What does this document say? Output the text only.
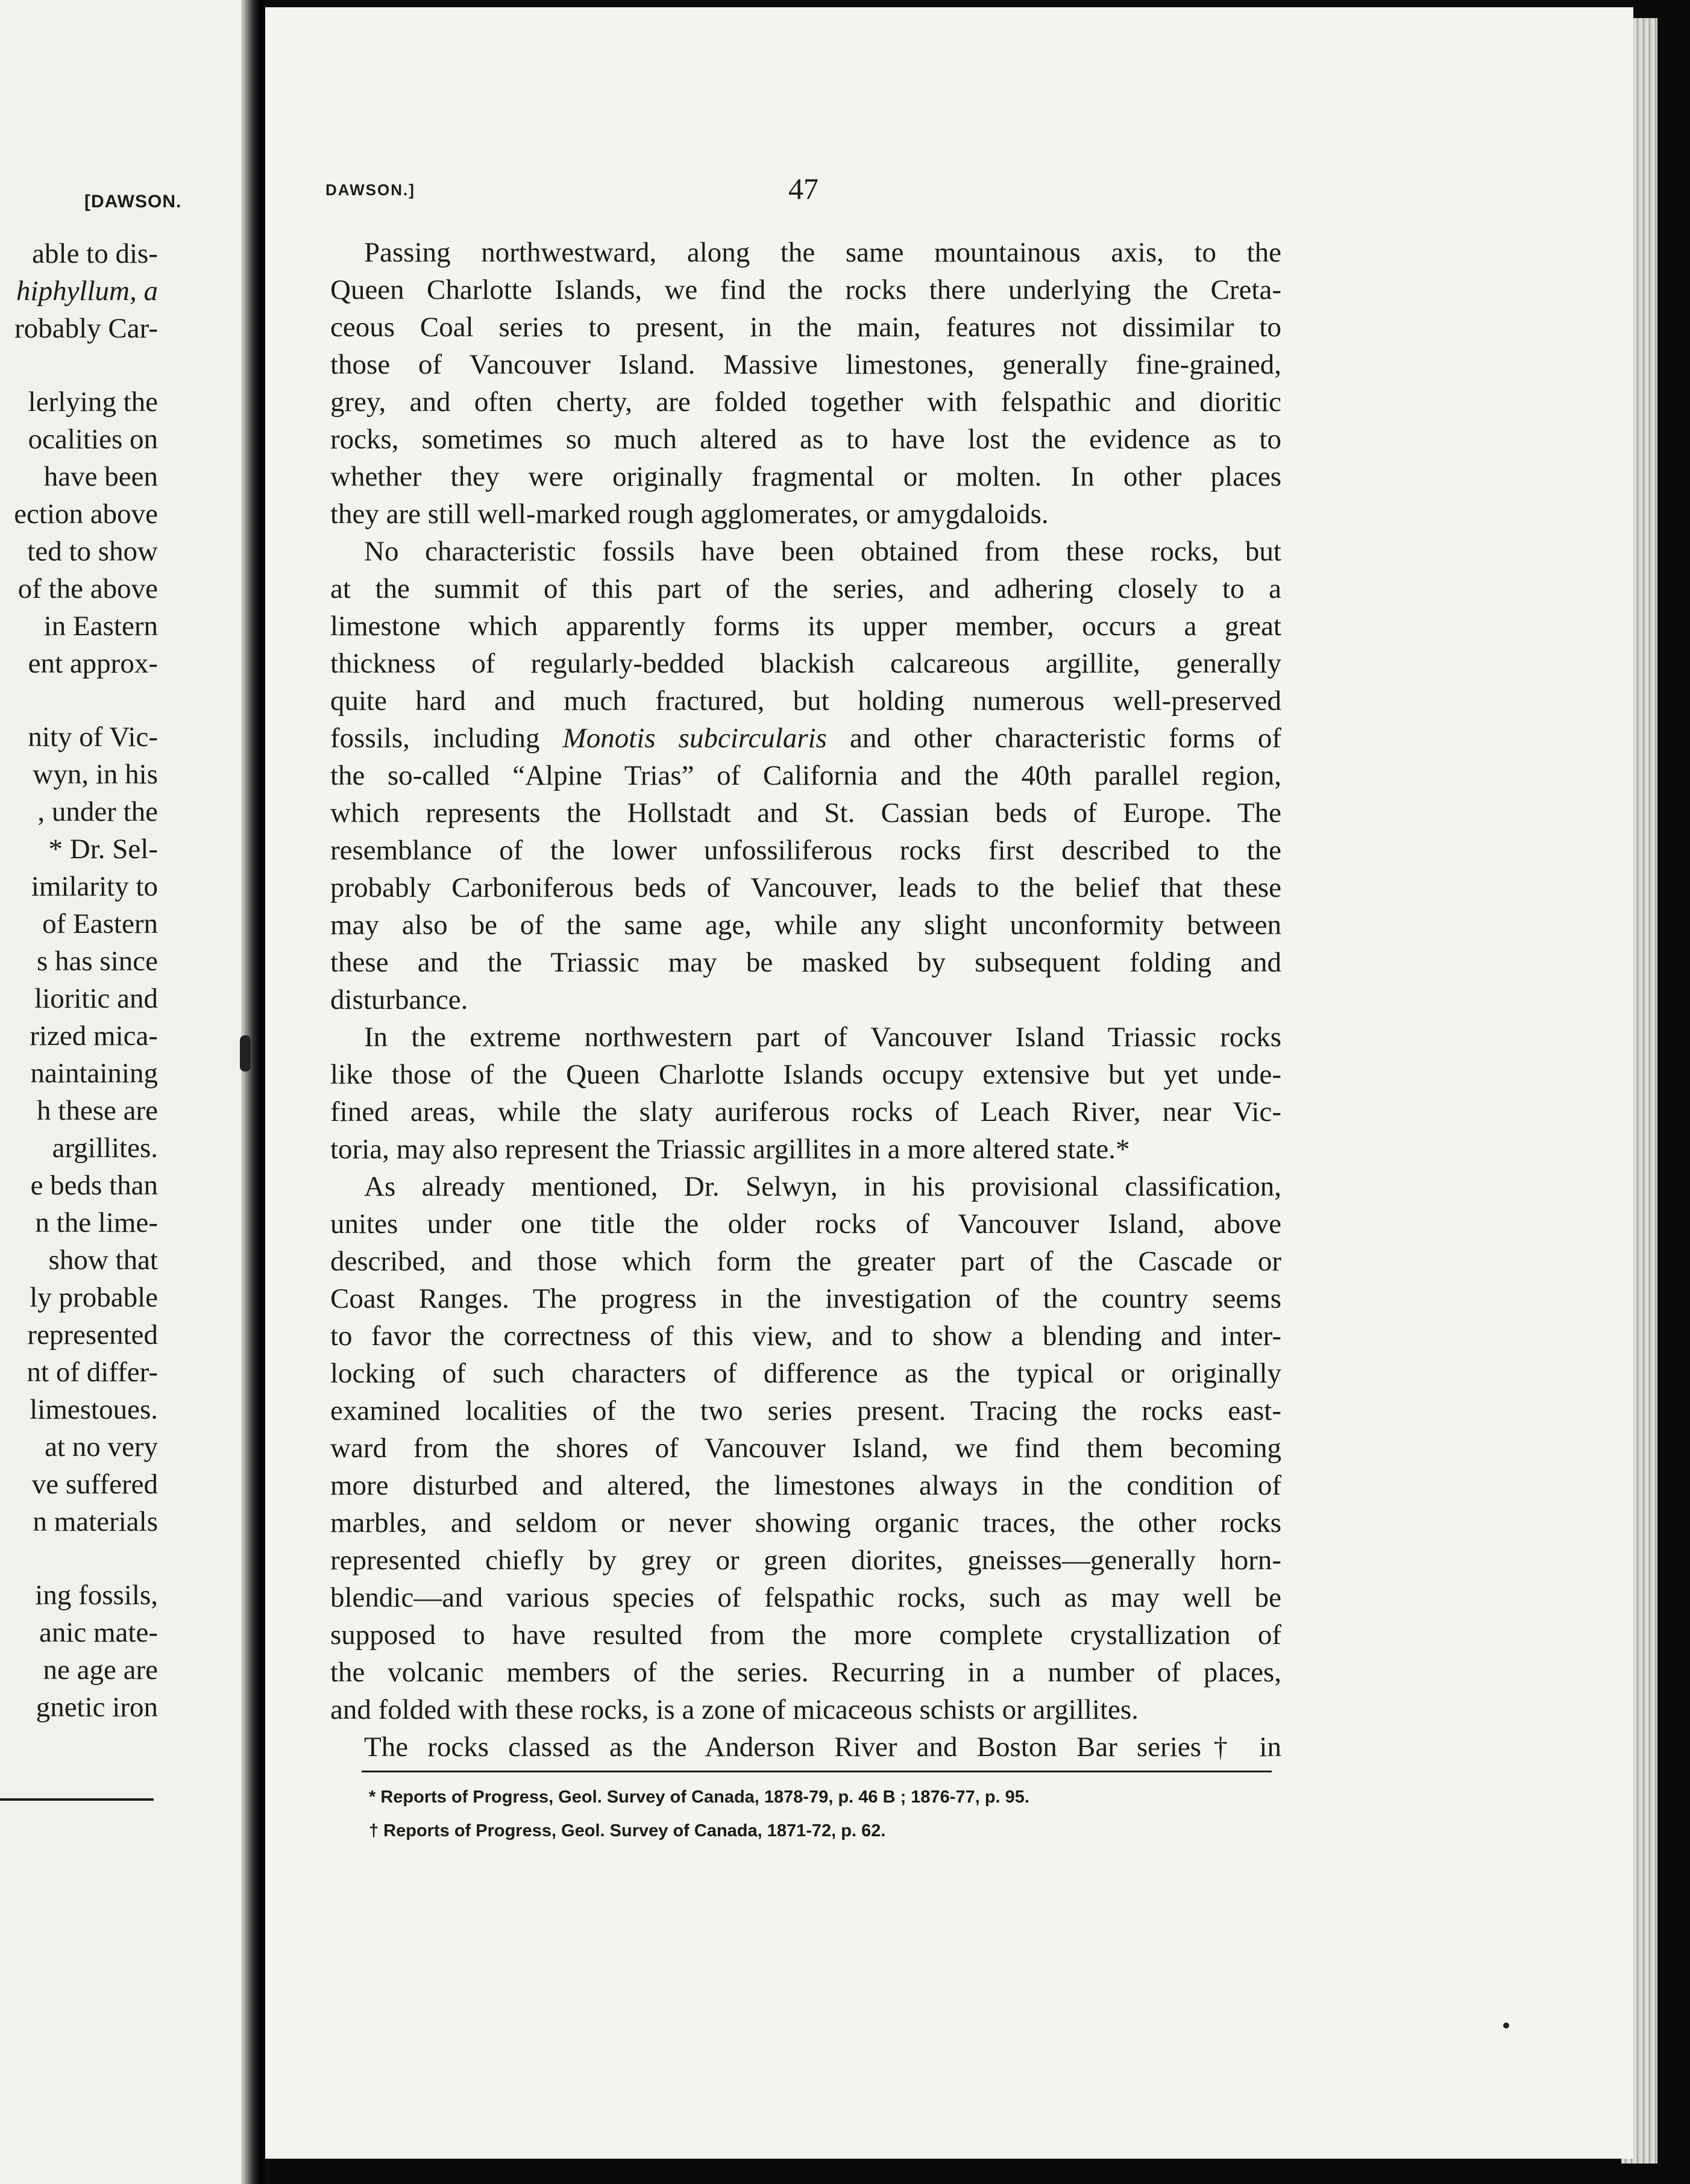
[DAWSON.
able to dis-
hiphyllum, a
robably Car-
lerlying the
ocalities on
have been
ection above
ted to show
of the above
in Eastern
ent approx-
nity of Vic-
wyn, in his
, under the
* Dr. Sel-
imilarity to
of Eastern
s has since
lioritic and
rized mica-
naintaining
h these are
argillites.
e beds than
n the lime-
show that
ly probable
represented
nt of differ-
limestoues.
at no very
ve suffered
n materials
ing fossils,
anic mate-
ne age are
gnetic iron
DAWSON.]	47
Passing northwestward, along the same mountainous axis, to the
Queen Charlotte Islands, we find the rocks there underlying the Creta-
ceous Coal series to present, in the main, features not dissimilar to
those of Vancouver Island. Massive limestones, generally fine-grained,
grey, and often cherty, are folded together with felspathic and dioritic
rocks, sometimes so much altered as to have lost the evidence as to
whether they were originally fragmental or molten. In other places
they are still well-marked rough agglomerates, or amygdaloids.
No characteristic fossils have been obtained from these rocks, but
at the summit of this part of the series, and adhering closely to a
limestone which apparently forms its upper member, occurs a great
thickness of regularly-bedded blackish calcareous argillite, generally
quite hard and much fractured, but holding numerous well-preserved
fossils, including Monotis subcircularis and other characteristic forms of
the so-called “Alpine Trias” of California and the 40th parallel region,
which represents the Hollstadt and St. Cassian beds of Europe. The
resemblance of the lower unfossiliferous rocks first described to the
probably Carboniferous beds of Vancouver, leads to the belief that these
may also be of the same age, while any slight unconformity between
these and the Triassic may be masked by subsequent folding and
disturbance.
In the extreme northwestern part of Vancouver Island Triassic rocks
like those of the Queen Charlotte Islands occupy extensive but yet unde-
fined areas, while the slaty auriferous rocks of Leach River, near Vic-
toria, may also represent the Triassic argillites in a more altered state.*
As already mentioned, Dr. Selwyn, in his provisional classification,
unites under one title the older rocks of Vancouver Island, above
described, and those which form the greater part of the Cascade or
Coast Ranges. The progress in the investigation of the country seems
to favor the correctness of this view, and to show a blending and inter-
locking of such characters of difference as the typical or originally
examined localities of the two series present. Tracing the rocks east-
ward from the shores of Vancouver Island, we find them becoming
more disturbed and altered, the limestones always in the condition of
marbles, and seldom or never showing organic traces, the other rocks
represented chiefly by grey or green diorites, gneisses—generally horn-
blendic—and various species of felspathic rocks, such as may well be
supposed to have resulted from the more complete crystallization of
the volcanic members of the series. Recurring in a number of places,
and folded with these rocks, is a zone of micaceous schists or argillites.
The rocks classed as the Anderson River and Boston Bar series† in
* Reports of Progress, Geol. Survey of Canada, 1878-79, p. 46 B ; 1876-77, p. 95.
† Reports of Progress, Geol. Survey of Canada, 1871-72, p. 62.
